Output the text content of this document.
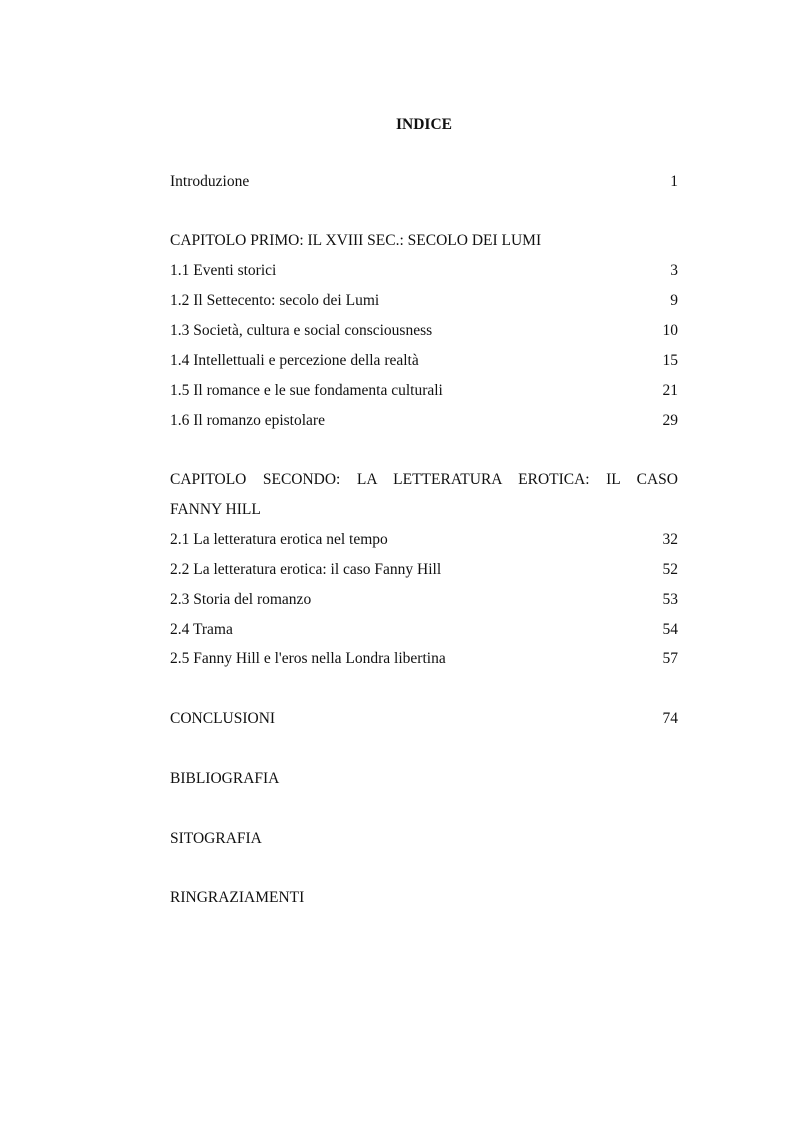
INDICE
Introduzione	1
CAPITOLO PRIMO: IL XVIII SEC.: SECOLO DEI LUMI
1.1 Eventi storici	3
1.2 Il Settecento: secolo dei Lumi	9
1.3 Società, cultura e social consciousness	10
1.4 Intellettuali e percezione della realtà	15
1.5 Il romance e le sue fondamenta culturali	21
1.6 Il romanzo epistolare	29
CAPITOLO SECONDO: LA LETTERATURA EROTICA: IL CASO
FANNY HILL
2.1 La letteratura erotica nel tempo	32
2.2 La letteratura erotica: il caso Fanny Hill	52
2.3 Storia del romanzo	53
2.4 Trama	54
2.5 Fanny Hill e l'eros nella Londra libertina	57
CONCLUSIONI	74
BIBLIOGRAFIA
SITOGRAFIA
RINGRAZIAMENTI
